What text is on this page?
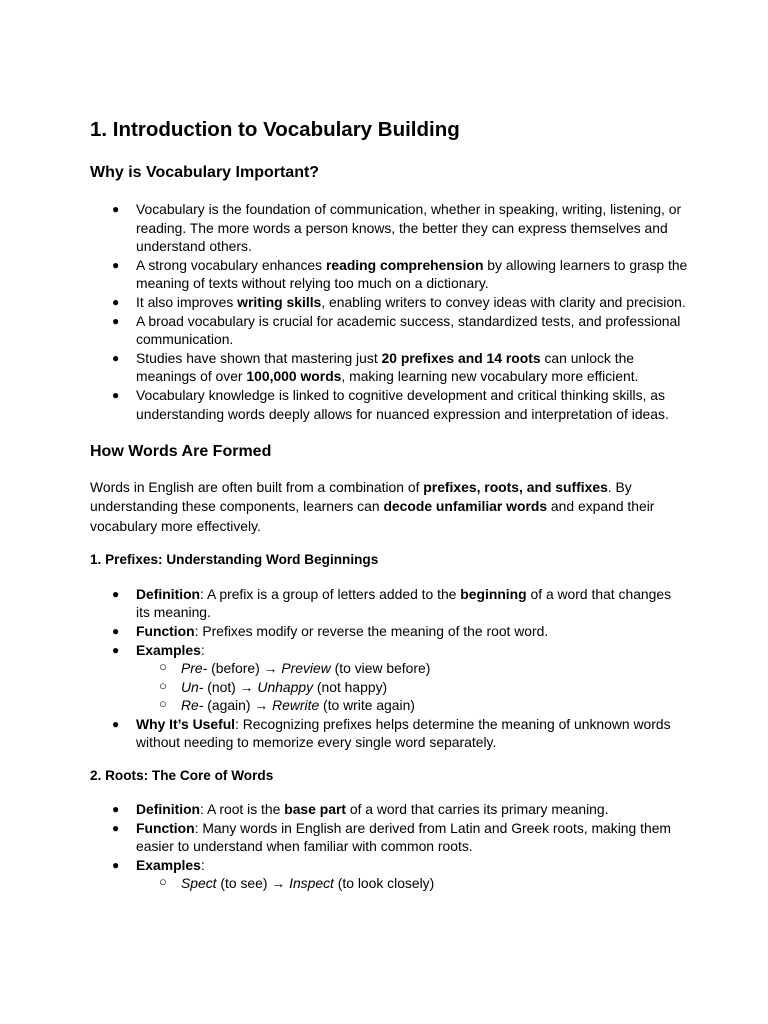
1. Introduction to Vocabulary Building
Why is Vocabulary Important?
● Vocabulary is the foundation of communication, whether in speaking, writing, listening, or reading. The more words a person knows, the better they can express themselves and understand others.
● A strong vocabulary enhances reading comprehension by allowing learners to grasp the meaning of texts without relying too much on a dictionary.
● It also improves writing skills, enabling writers to convey ideas with clarity and precision.
● A broad vocabulary is crucial for academic success, standardized tests, and professional communication.
● Studies have shown that mastering just 20 prefixes and 14 roots can unlock the meanings of over 100,000 words, making learning new vocabulary more efficient.
● Vocabulary knowledge is linked to cognitive development and critical thinking skills, as understanding words deeply allows for nuanced expression and interpretation of ideas.
How Words Are Formed

Words in English are often built from a combination of prefixes, roots, and suffixes. By understanding these components, learners can decode unfamiliar words and expand their vocabulary more effectively.

1. Prefixes: Understanding Word Beginnings
● Definition: A prefix is a group of letters added to the beginning of a word that changes its meaning.
● Function: Prefixes modify or reverse the meaning of the root word.
● Examples:
○ Pre- (before) → Preview (to view before)
○ Un- (not) → Unhappy (not happy)
○ Re- (again) → Rewrite (to write again)
● Why It’s Useful: Recognizing prefixes helps determine the meaning of unknown words without needing to memorize every single word separately.
2. Roots: The Core of Words
● Definition: A root is the base part of a word that carries its primary meaning.
● Function: Many words in English are derived from Latin and Greek roots, making them easier to understand when familiar with common roots.
● Examples:
○ Spect (to see) → Inspect (to look closely)
